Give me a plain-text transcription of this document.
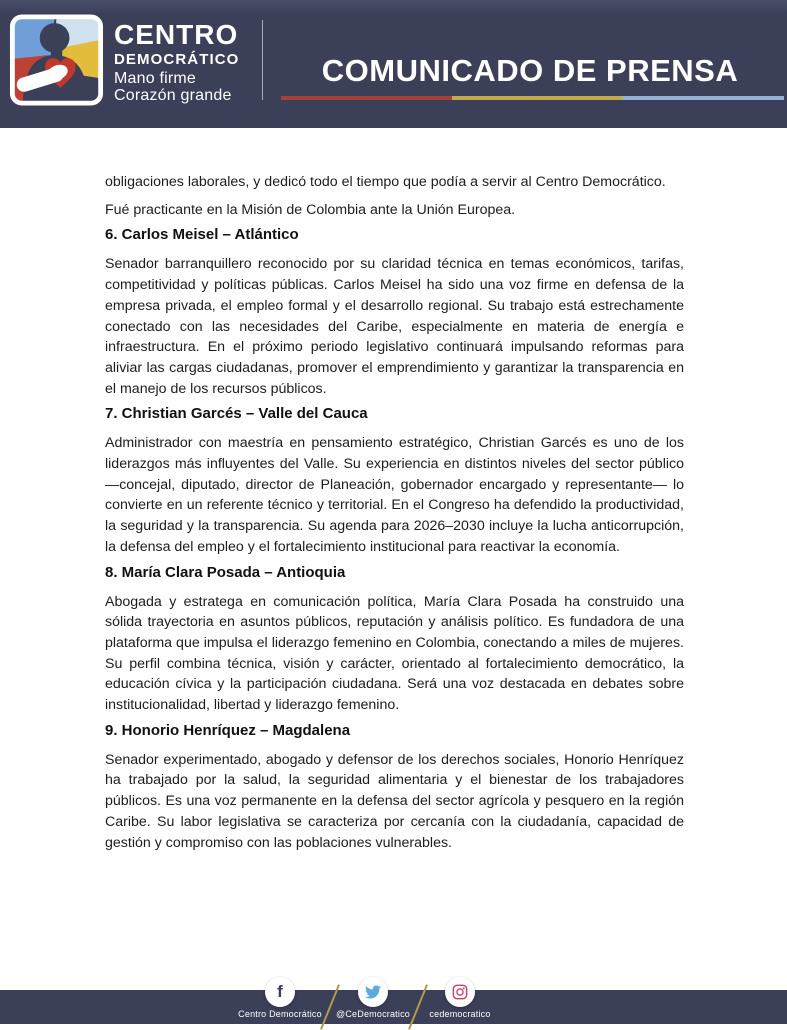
CENTRO
DEMOCRÁTICO
Mano firme
Corazón grande
COMUNICADO DE PRENSA

obligaciones laborales, y dedicó todo el tiempo que podía a servir al Centro Democrático.

Fué practicante en la Misión de Colombia ante la Unión Europea.

6. Carlos Meisel – Atlántico

Senador barranquillero reconocido por su claridad técnica en temas económicos, tarifas, competitividad y políticas públicas. Carlos Meisel ha sido una voz firme en defensa de la empresa privada, el empleo formal y el desarrollo regional. Su trabajo está estrechamente conectado con las necesidades del Caribe, especialmente en materia de energía e infraestructura. En el próximo periodo legislativo continuará impulsando reformas para aliviar las cargas ciudadanas, promover el emprendimiento y garantizar la transparencia en el manejo de los recursos públicos.

7. Christian Garcés – Valle del Cauca

Administrador con maestría en pensamiento estratégico, Christian Garcés es uno de los liderazgos más influyentes del Valle. Su experiencia en distintos niveles del sector público —concejal, diputado, director de Planeación, gobernador encargado y representante— lo convierte en un referente técnico y territorial. En el Congreso ha defendido la productividad, la seguridad y la transparencia. Su agenda para 2026–2030 incluye la lucha anticorrupción, la defensa del empleo y el fortalecimiento institucional para reactivar la economía.

8. María Clara Posada – Antioquia

Abogada y estratega en comunicación política, María Clara Posada ha construido una sólida trayectoria en asuntos públicos, reputación y análisis político. Es fundadora de una plataforma que impulsa el liderazgo femenino en Colombia, conectando a miles de mujeres. Su perfil combina técnica, visión y carácter, orientado al fortalecimiento democrático, la educación cívica y la participación ciudadana. Será una voz destacada en debates sobre institucionalidad, libertad y liderazgo femenino.

9. Honorio Henríquez – Magdalena

Senador experimentado, abogado y defensor de los derechos sociales, Honorio Henríquez ha trabajado por la salud, la seguridad alimentaria y el bienestar de los trabajadores públicos. Es una voz permanente en la defensa del sector agrícola y pesquero en la región Caribe. Su labor legislativa se caracteriza por cercanía con la ciudadanía, capacidad de gestión y compromiso con las poblaciones vulnerables.

f
Centro Democrático	@CeDemocratico	cedemocratico
